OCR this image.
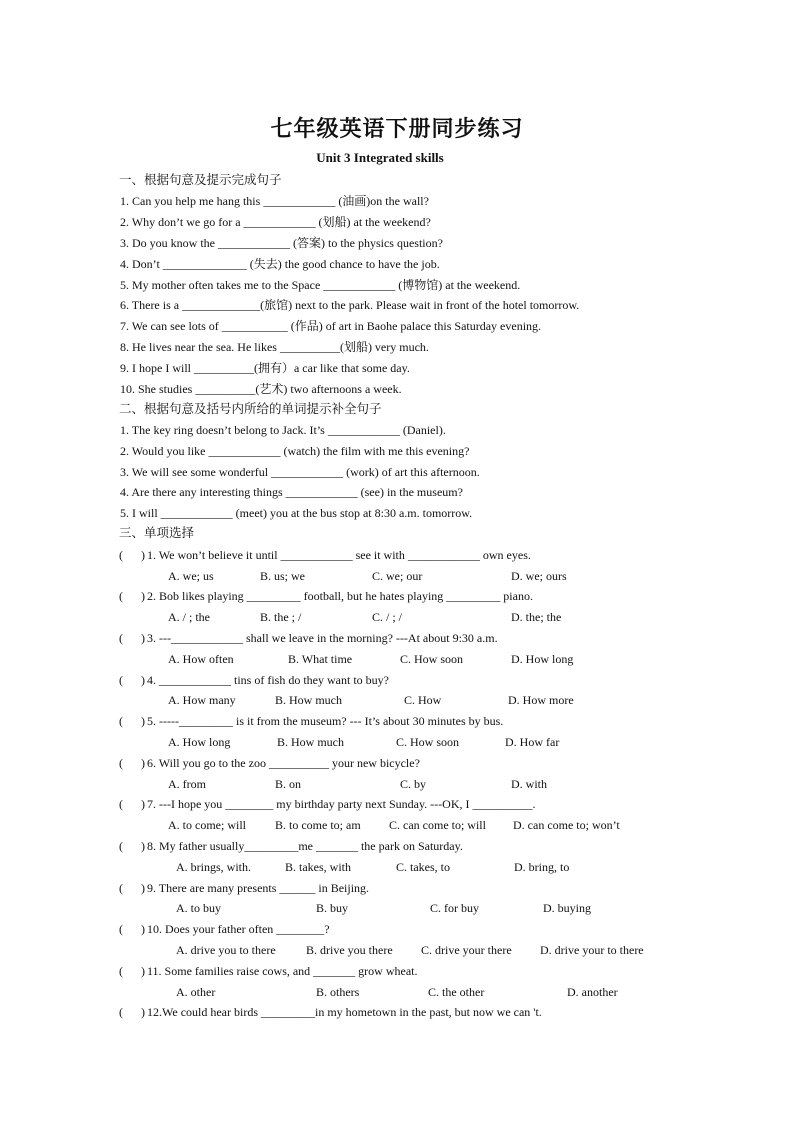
七年级英语下册同步练习
Unit 3 Integrated skills
一、根据句意及提示完成句子
1. Can you help me hang this ____________ (油画)on the wall?
2. Why don’t we go for a ____________ (划船) at the weekend?
3. Do you know the ____________ (答案) to the physics question?
4. Don’t ______________ (失去) the good chance to have the job.
5. My mother often takes me to the Space ____________ (博物馆) at the weekend.
6. There is a _____________(旅馆) next to the park. Please wait in front of the hotel tomorrow.
7. We can see lots of ___________ (作品) of art in Baohe palace this Saturday evening.
8. He lives near the sea. He likes __________(划船) very much.
9. I hope I will __________(拥有）a car like that some day.
10. She studies __________(艺术) two afternoons a week.
二、根据句意及括号内所给的单词提示补全句子
1. The key ring doesn’t belong to Jack. It’s ____________ (Daniel).
2. Would you like ____________ (watch) the film with me this evening?
3. We will see some wonderful ____________ (work) of art this afternoon.
4. Are there any interesting things ____________ (see) in the museum?
5. I will ____________ (meet) you at the bus stop at 8:30 a.m. tomorrow.
三、单项选择
(      ) 1. We won’t believe it until ____________ see it with ____________ own eyes.
A. we; us	B. us; we	C. we; our	D. we; ours
(      ) 2. Bob likes playing _________ football, but he hates playing _________ piano.
A. / ; the	B. the ; /	C. / ; /	D. the; the
(      ) 3. ---____________ shall we leave in the morning? ---At about 9:30 a.m.
A. How often	B. What time	C. How soon	D. How long
(      ) 4. ____________ tins of fish do they want to buy?
A. How many	B. How much	C. How	D. How more
(      ) 5. -----_________ is it from the museum? --- It’s about 30 minutes by bus.
A. How long	B. How much	C. How soon	D. How far
(      ) 6. Will you go to the zoo __________ your new bicycle?
A. from	B. on	C. by	D. with
(      ) 7. ---I hope you ________ my birthday party next Sunday. ---OK, I __________.
A. to come; will B. to come to; am C. can come to; will D. can come to; won’t
(      ) 8. My father usually_________me _______ the park on Saturday.
A. brings, with.	B. takes, with	C. takes, to	D. bring, to
(      ) 9. There are many presents ______ in Beijing.
A. to buy	B. buy	C. for buy	D. buying
(      ) 10. Does your father often ________?
A. drive you to there	B. drive you there C. drive your there D. drive your to there
(      ) 11. Some families raise cows, and _______ grow wheat.
A. other	B. others	C. the other	D. another
(      ) 12.We could hear birds _________in my hometown in the past, but now we can 't.
